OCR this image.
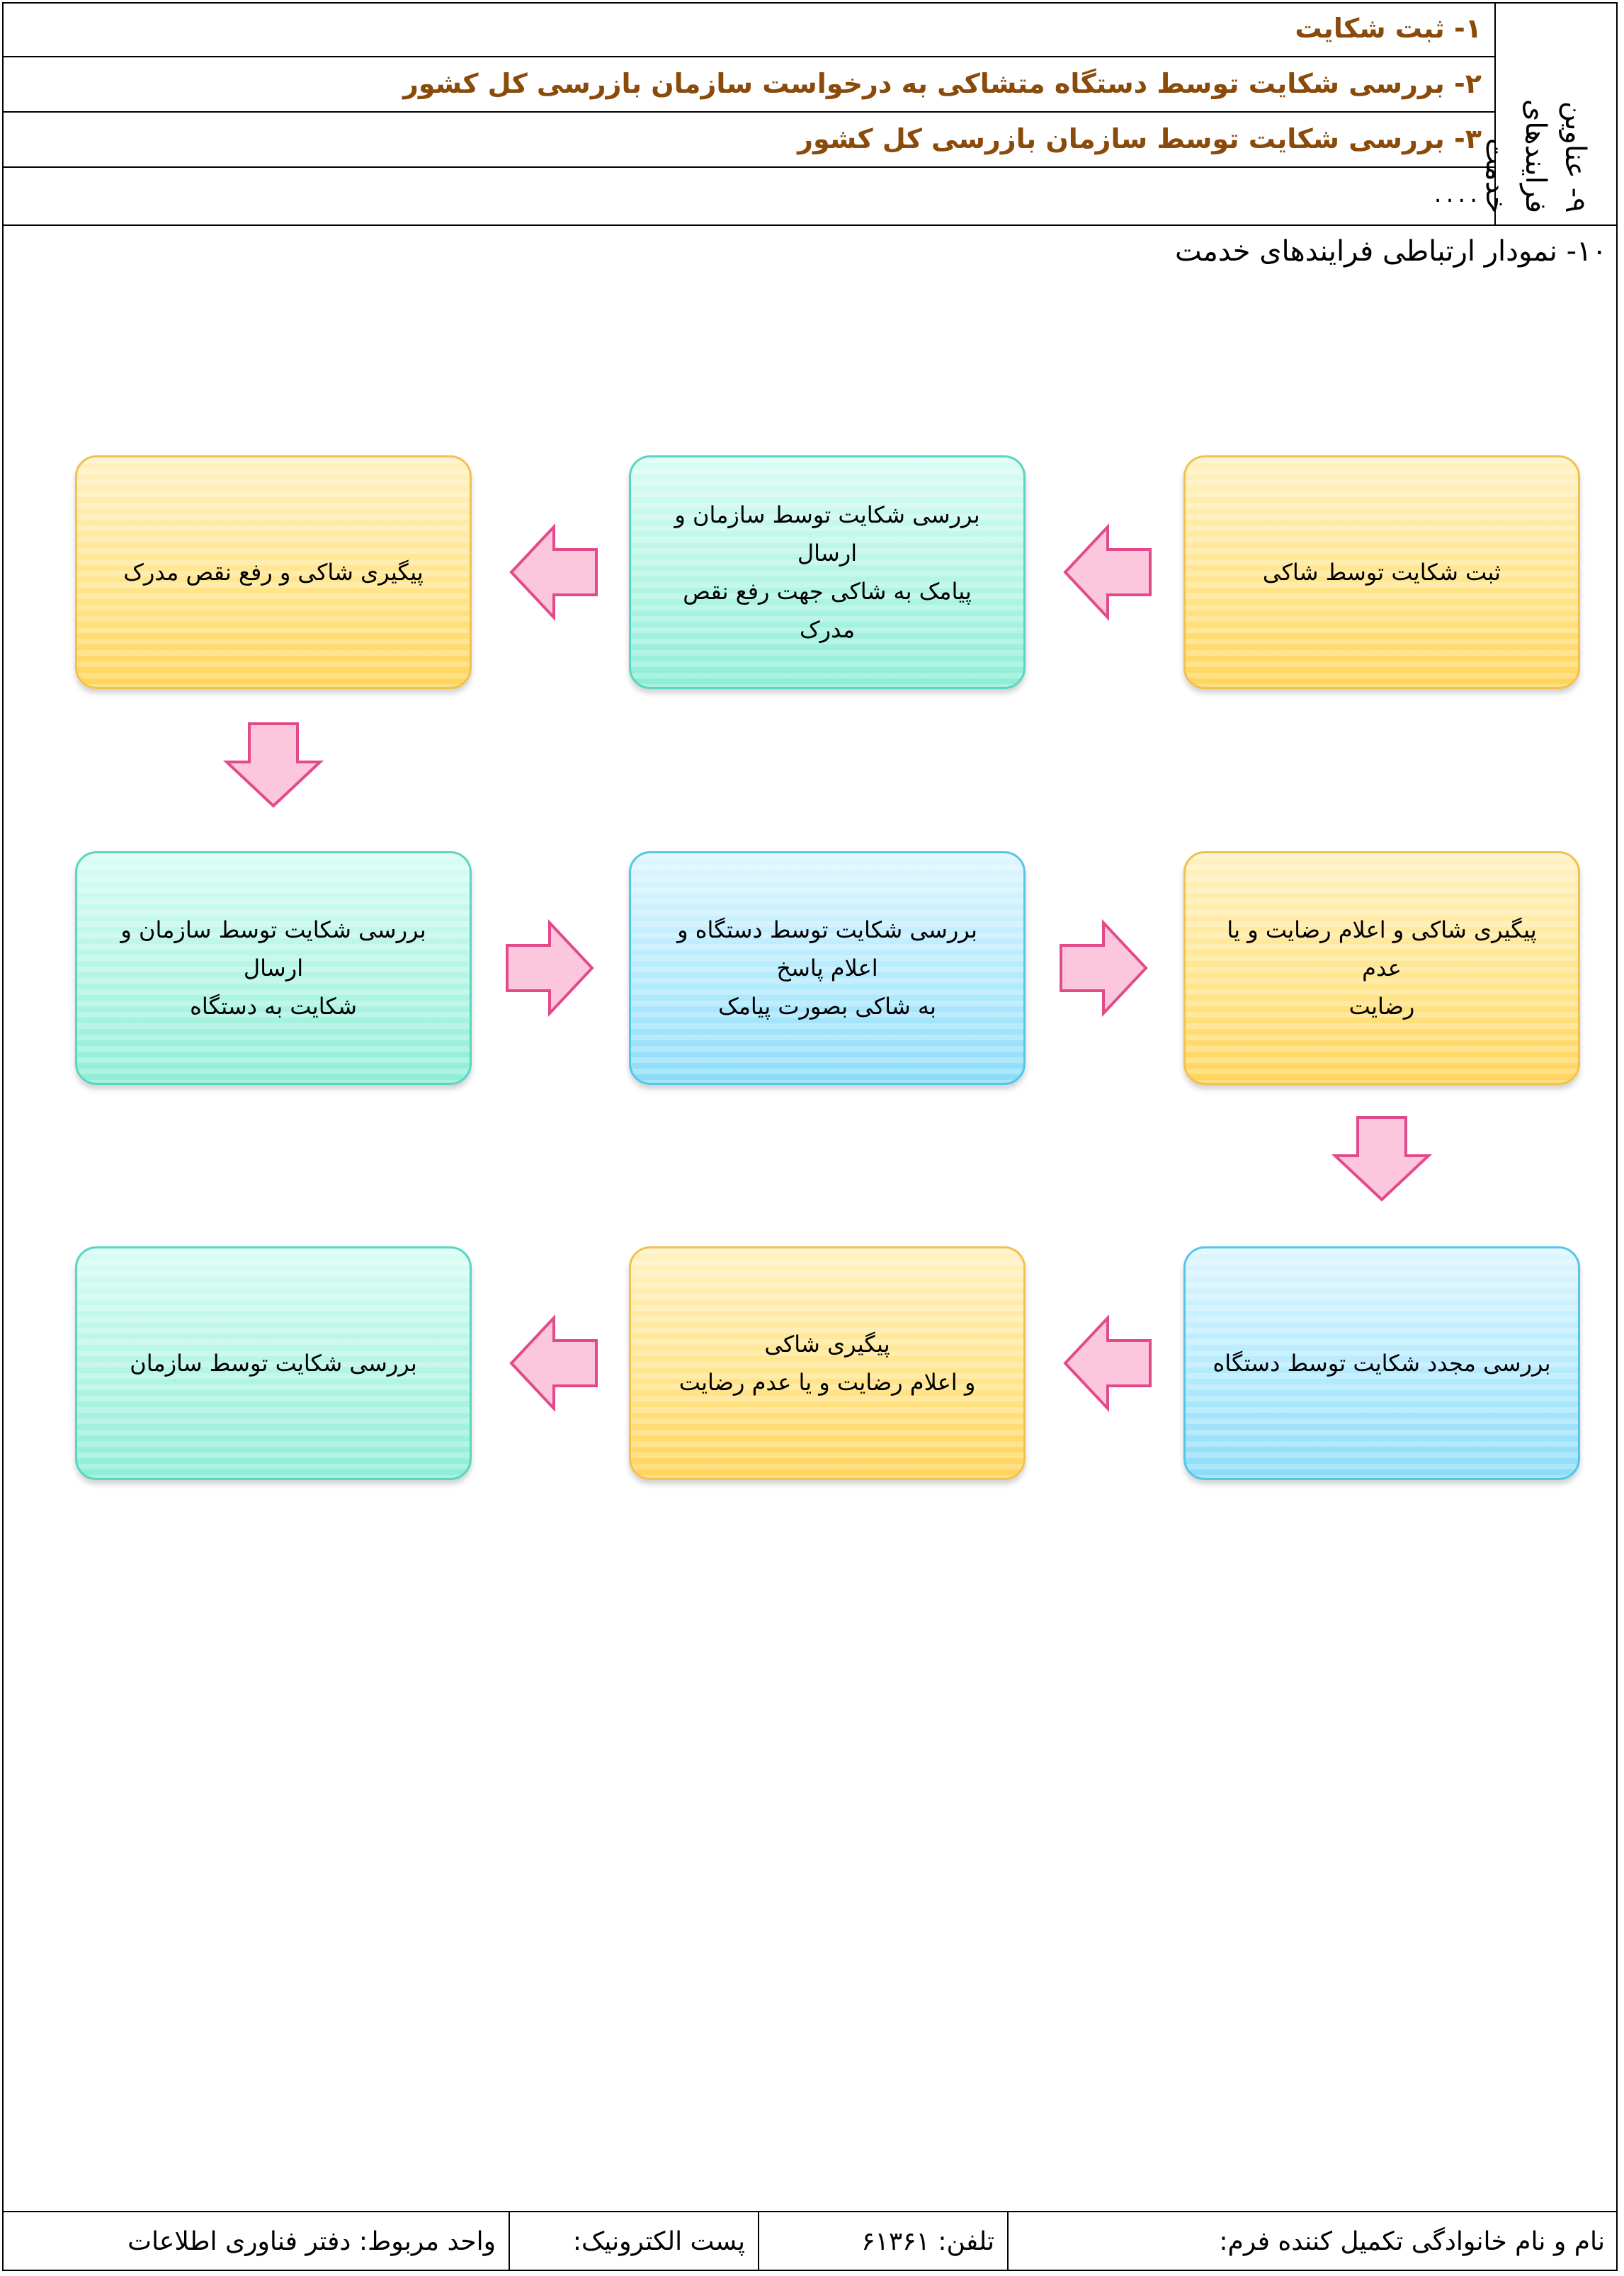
۹- عناوین فرایندهای خدمت
۱- ثبت شکایت
۲- بررسی شکایت توسط دستگاه متشاکی به درخواست سازمان بازرسی کل کشور
۳- بررسی شکایت توسط سازمان بازرسی کل کشور
....
۱۰- نمودار ارتباطی فرایندهای خدمت
ثبت شکایت توسط شاکی
بررسی شکایت توسط سازمان و ارسال
پیامک به شاکی جهت رفع نقص مدرک
پیگیری شاکی و رفع نقص مدرک
بررسی شکایت توسط سازمان و ارسال
شکایت به دستگاه
بررسی شکایت توسط دستگاه و اعلام پاسخ
به شاکی بصورت پیامک
پیگیری شاکی و اعلام رضایت و یا عدم
رضایت
بررسی مجدد شکایت توسط دستگاه
پیگیری شاکی
و اعلام رضایت و یا عدم رضایت
بررسی شکایت توسط سازمان
نام و نام خانوادگی تکمیل کننده فرم:
تلفن: ۶۱۳۶۱
پست الکترونیک:
واحد مربوط: دفتر فناوری اطلاعات
